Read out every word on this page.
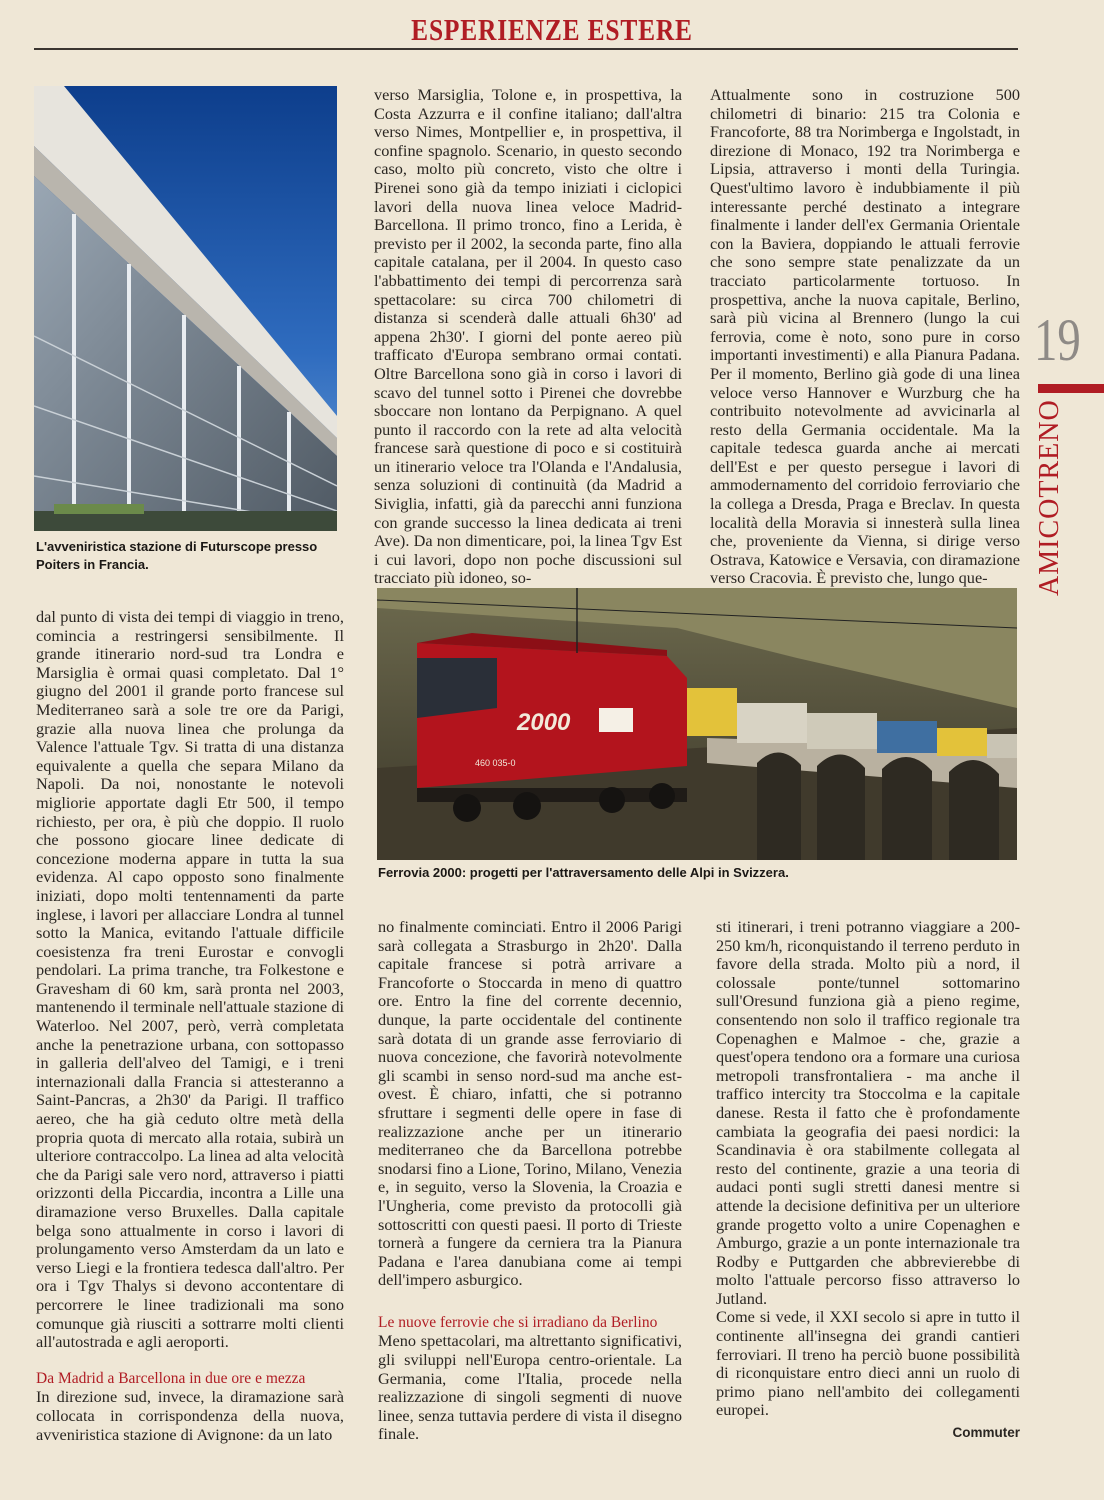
ESPERIENZE ESTERE
L'avveniristica stazione di Futurscope presso Poiters in Francia.

verso Marsiglia, Tolone e, in prospettiva, la Costa Azzurra e il confine italiano; dall'altra verso Nimes, Montpellier e, in prospettiva, il confine spagnolo. Scenario, in questo secondo caso, molto più concreto, visto che oltre i Pirenei sono già da tempo iniziati i ciclopici lavori della nuova linea veloce Madrid-Barcellona. Il primo tronco, fino a Lerida, è previsto per il 2002, la seconda parte, fino alla capitale catalana, per il 2004. In questo caso l'abbattimento dei tempi di percorrenza sarà spettacolare: su circa 700 chilometri di distanza si scenderà dalle attuali 6h30' ad appena 2h30'. I giorni del ponte aereo più trafficato d'Europa sembrano ormai contati. Oltre Barcellona sono già in corso i lavori di scavo del tunnel sotto i Pirenei che dovrebbe sboccare non lontano da Perpignano. A quel punto il raccordo con la rete ad alta velocità francese sarà questione di poco e si costituirà un itinerario veloce tra l'Olanda e l'Andalusia, senza soluzioni di continuità (da Madrid a Siviglia, infatti, già da parecchi anni funziona con grande successo la linea dedicata ai treni Ave). Da non dimenticare, poi, la linea Tgv Est i cui lavori, dopo non poche discussioni sul tracciato più idoneo, so-

Attualmente sono in costruzione 500 chilometri di binario: 215 tra Colonia e Francoforte, 88 tra Norimberga e Ingolstadt, in direzione di Monaco, 192 tra Norimberga e Lipsia, attraverso i monti della Turingia. Quest'ultimo lavoro è indubbiamente il più interessante perché destinato a integrare finalmente i lander dell'ex Germania Orientale con la Baviera, doppiando le attuali ferrovie che sono sempre state penalizzate da un tracciato particolarmente tortuoso. In prospettiva, anche la nuova capitale, Berlino, sarà più vicina al Brennero (lungo la cui ferrovia, come è noto, sono pure in corso importanti investimenti) e alla Pianura Padana. Per il momento, Berlino già gode di una linea veloce verso Hannover e Wurzburg che ha contribuito notevolmente ad avvicinarla al resto della Germania occidentale. Ma la capitale tedesca guarda anche ai mercati dell'Est e per questo persegue i lavori di ammodernamento del corridoio ferroviario che la collega a Dresda, Praga e Breclav. In questa località della Moravia si innesterà sulla linea che, proveniente da Vienna, si dirige verso Ostrava, Katowice e Versavia, con diramazione verso Cracovia. È previsto che, lungo que-

19
AMICOTRENO
2000
460 035-0
Ferrovia 2000: progetti per l'attraversamento delle Alpi in Svizzera.

dal punto di vista dei tempi di viaggio in treno, comincia a restringersi sensibilmente. Il grande itinerario nord-sud tra Londra e Marsiglia è ormai quasi completato. Dal 1° giugno del 2001 il grande porto francese sul Mediterraneo sarà a sole tre ore da Parigi, grazie alla nuova linea che prolunga da Valence l'attuale Tgv. Si tratta di una distanza equivalente a quella che separa Milano da Napoli. Da noi, nonostante le notevoli migliorie apportate dagli Etr 500, il tempo richiesto, per ora, è più che doppio. Il ruolo che possono giocare linee dedicate di concezione moderna appare in tutta la sua evidenza. Al capo opposto sono finalmente iniziati, dopo molti tentennamenti da parte inglese, i lavori per allacciare Londra al tunnel sotto la Manica, evitando l'attuale difficile coesistenza fra treni Eurostar e convogli pendolari. La prima tranche, tra Folkestone e Gravesham di 60 km, sarà pronta nel 2003, mantenendo il terminale nell'attuale stazione di Waterloo. Nel 2007, però, verrà completata anche la penetrazione urbana, con sottopasso in galleria dell'alveo del Tamigi, e i treni internazionali dalla Francia si attesteranno a Saint-Pancras, a 2h30' da Parigi. Il traffico aereo, che ha già ceduto oltre metà della propria quota di mercato alla rotaia, subirà un ulteriore contraccolpo. La linea ad alta velocità che da Parigi sale vero nord, attraverso i piatti orizzonti della Piccardia, incontra a Lille una diramazione verso Bruxelles. Dalla capitale belga sono attualmente in corso i lavori di prolungamento verso Amsterdam da un lato e verso Liegi e la frontiera tedesca dall'altro. Per ora i Tgv Thalys si devono accontentare di percorrere le linee tradizionali ma sono comunque già riusciti a sottrarre molti clienti all'autostrada e agli aeroporti.

Da Madrid a Barcellona in due ore e mezza

In direzione sud, invece, la diramazione sarà collocata in corrispondenza della nuova, avveniristica stazione di Avignone: da un lato

no finalmente cominciati. Entro il 2006 Parigi sarà collegata a Strasburgo in 2h20'. Dalla capitale francese si potrà arrivare a Francoforte o Stoccarda in meno di quattro ore. Entro la fine del corrente decennio, dunque, la parte occidentale del continente sarà dotata di un grande asse ferroviario di nuova concezione, che favorirà notevolmente gli scambi in senso nord-sud ma anche est-ovest. È chiaro, infatti, che si potranno sfruttare i segmenti delle opere in fase di realizzazione anche per un itinerario mediterraneo che da Barcellona potrebbe snodarsi fino a Lione, Torino, Milano, Venezia e, in seguito, verso la Slovenia, la Croazia e l'Ungheria, come previsto da protocolli già sottoscritti con questi paesi. Il porto di Trieste tornerà a fungere da cerniera tra la Pianura Padana e l'area danubiana come ai tempi dell'impero asburgico.

Le nuove ferrovie che si irradiano da Berlino

Meno spettacolari, ma altrettanto significativi, gli sviluppi nell'Europa centro-orientale. La Germania, come l'Italia, procede nella realizzazione di singoli segmenti di nuove linee, senza tuttavia perdere di vista il disegno finale.

sti itinerari, i treni potranno viaggiare a 200-250 km/h, riconquistando il terreno perduto in favore della strada. Molto più a nord, il colossale ponte/tunnel sottomarino sull'Oresund funziona già a pieno regime, consentendo non solo il traffico regionale tra Copenaghen e Malmoe - che, grazie a quest'opera tendono ora a formare una curiosa metropoli transfrontaliera - ma anche il traffico intercity tra Stoccolma e la capitale danese. Resta il fatto che è profondamente cambiata la geografia dei paesi nordici: la Scandinavia è ora stabilmente collegata al resto del continente, grazie a una teoria di audaci ponti sugli stretti danesi mentre si attende la decisione definitiva per un ulteriore grande progetto volto a unire Copenaghen e Amburgo, grazie a un ponte internazionale tra Rodby e Puttgarden che abbrevierebbe di molto l'attuale percorso fisso attraverso lo Jutland.

Come si vede, il XXI secolo si apre in tutto il continente all'insegna dei grandi cantieri ferroviari. Il treno ha perciò buone possibilità di riconquistare entro dieci anni un ruolo di primo piano nell'ambito dei collegamenti europei.

Commuter
